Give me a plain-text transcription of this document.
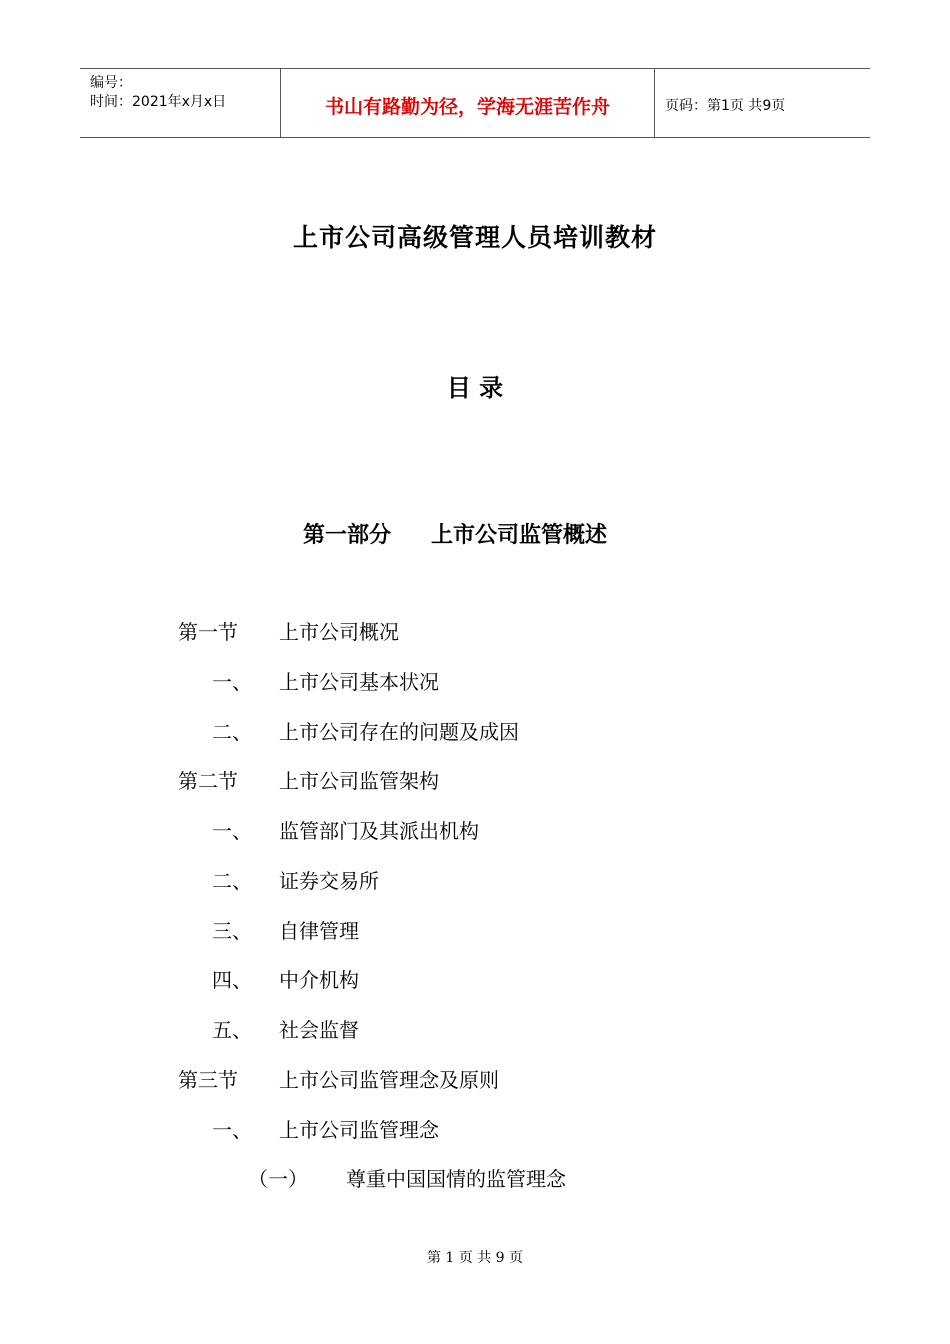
编号：
时间：2021年x月x日	书山有路勤为径，学海无涯苦作舟	页码：第1页 共9页
上市公司高级管理人员培训教材
目 录
第一部分 上市公司监管概述
第一节 上市公司概况
一、 上市公司基本状况
二、 上市公司存在的问题及成因
第二节 上市公司监管架构
一、 监管部门及其派出机构
二、 证券交易所
三、 自律管理
四、 中介机构
五、 社会监督
第三节 上市公司监管理念及原则
一、 上市公司监管理念
（一） 尊重中国国情的监管理念
第 1 页 共 9 页
